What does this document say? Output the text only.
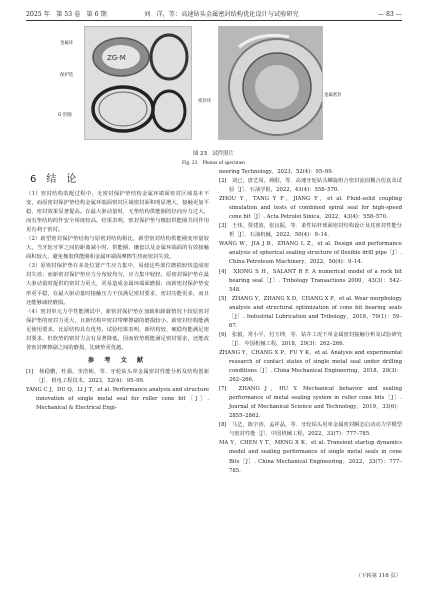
2025 年　第 53 卷　第 6 期	刘　洋，等：高速钻头金属密封结构优化设计与试验研究	— 83 —
ZG-M
金属环
保护垫
O 形圈
密封环
金属密封
图 23　试件照片
Fig. 23　Photos of specimen
6　结　论

（1）密封结构装配过程中，无密封保护垫结构金属环端面密封区域基本不变，而原密封保护垫结构金属环端面密封区域密封面积明显增大，接触更加平稳，密封效果显著提高。在最大驱动量时，无垫结构供能圈的径向应力过大，而有垫结构的作安全裕度较高。结果表明，密封保护垫与橡胶供能圈共同作用更有利于密封。

（2）新型密封保护垫结构与原密封结构相比，新型密封结构供能圈变形量较大，当牙轮牙掌之间的距离减小时，供能圈、镶套以及金属环端面的有效接触面积较大，避免橡胶供能圈和金属环端面摩擦生热而密封失效。

（3）原密封保护垫在多处位置产生应力集中，易使这些部位磨损较快造成密封失效；而新密封保护垫应力分布较均匀，应力集中较轻。原密封保护垫在最大驱动量时提供的密封力更大，更易造成金属环端面磨损；而新密封保护垫变形更平稳，在最大驱动量时接触压力不仅满足密封要求，密封功能更多，而且还能够减轻磨损。

（4）密封单元力学性能测试中，新密封保护垫在加载和卸载情况下较原密封保护垫的密封力更大，且新结构中密封带摩擦副的磨损较小。新密封结构能满足使用要求，比原结构具有优势。试验结果表明，新结构较、硬稳均能满足密封要求，但软垫的密封力会有显著降低，因而软垫既能满足密封要求，还能改善密封摩擦副之间的磨损，比硬垫更优越。

参 考 文 献

[1]　杨稳鹏，杜强，李浩彬，等．牙轮钻头单金属密封性能分析及结构创新［J］．机电工程技术，2023，52(4)：95–99.

YANG C J，DU Q，LI J T，et al. Performance analysis and structure innovation of single metal seal for roller cone bit［J］. Mechanical & Electrical Engi-

neering Technology，2023，52(4)：95–99.

[2]　刘已，唐艺周，蒋阳，等．高速牙轮钻头螺旋组合密封流固耦合仿真及试验［J］．石油学报，2022，43(4)：558–570.

ZHOU Y，TANG Y F，JIANG Y，et al. Fluid-solid coupling simulation and tests of combined spiral seal for high-speed cone bit［J］. Acta Petrolei Sinica，2022，43(4)：558–570.

[3]　王伟，贾建波，张良振，等．柔性钻杆球面密封结构设计及其密封性能分析［J］．石油机械，2022，50(4)：9–14.

WANG W，JIA J B，ZHANG L Z，et al. Design and performance analysis of spherical sealing structure of flexible drill pipe［J］. China Petroleum Machinery，2022，50(4)：9–14.

[4]　XIONG S H，SALANT R F. A numerical model of a rock bit bearing seal［J］. Tribology Transactions 2000，43(3)：542–548.

[5]　ZHANG Y，ZHANG X D，CHANG X P，et al. Wear morphology analysis and structural optimization of cone bit bearing seals［J］. Industrial Lubrication and Tribology，2018，70(1)：59–67.

[6]　张毅，常小平，付玉坤，等．钻井工况下单金属密封接触分析及试验研究［J］．中国机械工程，2018，29(3)：262–266.

ZHANG Y，CHANG X P，FU Y K，et al. Analysis and experimental research of contact states of single metal seal under drilling conditions［J］. China Mechanical Engineering，2018，29(3)：262–266.

[7]　ZHANG J，HU Y. Mechanical behavior and sealing performance of metal sealing system in roller cone bits［J］. Journal of Mechanical Science and Technology，2019，33(6)：2855–2862.

[8]　马艺，陈宇涛，孟祥晶，等．牙轮钻头用单金属密封瞬态启动动力学模型与密封性能［J］．中国机械工程，2022，33(7)：777–785.

MA Y，CHEN Y T，MENG X K，et al. Transient startup dynamics model and sealing performance of single metal seals in cone Bits［J］. China Mechanical Engineering，2022，33(7)：777–785.

（下转第 116 页）
